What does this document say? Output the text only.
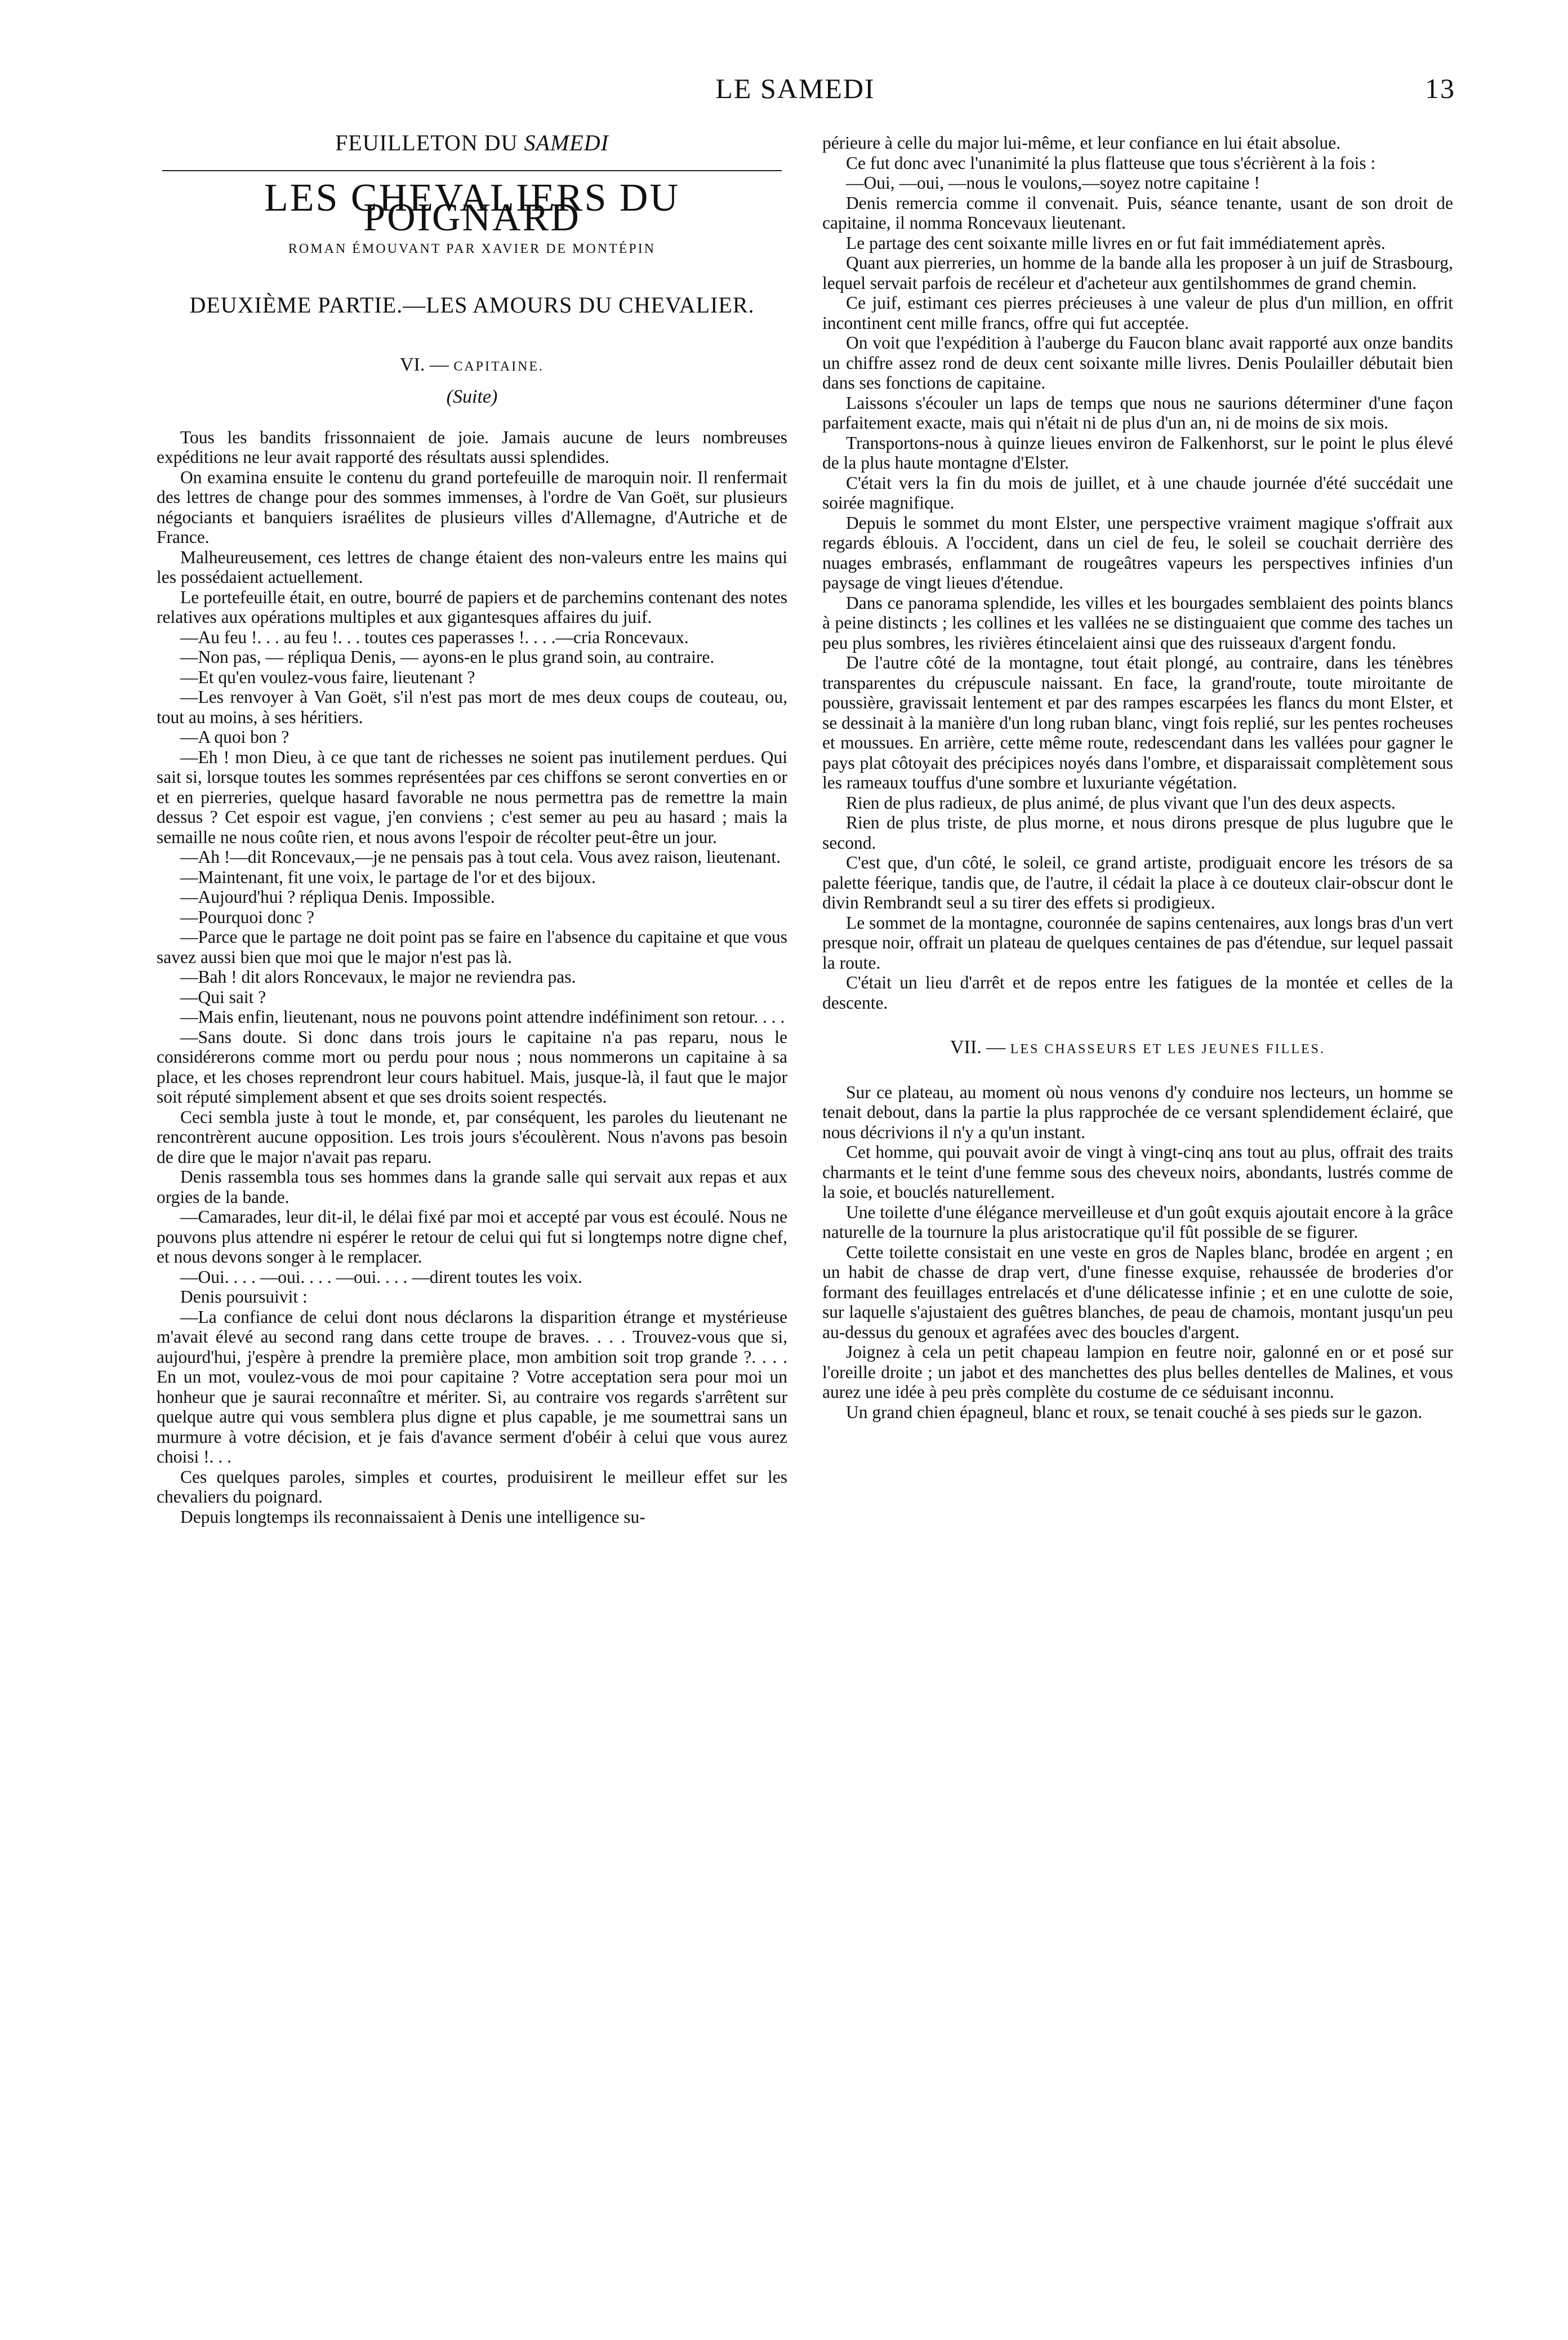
LE SAMEDI	13
FEUILLETON DU SAMEDI
LES CHEVALIERS DU POIGNARD
ROMAN ÉMOUVANT PAR XAVIER DE MONTÉPIN
DEUXIÈME PARTIE.—LES AMOURS DU CHEVALIER.
VI. — CAPITAINE.
(Suite)

Tous les bandits frissonnaient de joie. Jamais aucune de leurs nombreuses expéditions ne leur avait rapporté des résultats aussi splendides.

On examina ensuite le contenu du grand portefeuille de maroquin noir. Il renfermait des lettres de change pour des sommes immenses, à l'ordre de Van Goët, sur plusieurs négociants et banquiers israélites de plusieurs villes d'Allemagne, d'Autriche et de France.

Malheureusement, ces lettres de change étaient des non-valeurs entre les mains qui les possédaient actuellement.

Le portefeuille était, en outre, bourré de papiers et de parchemins contenant des notes relatives aux opérations multiples et aux gigantesques affaires du juif.

—Au feu !. . . au feu !. . . toutes ces paperasses !. . . .—cria Roncevaux.

—Non pas, — répliqua Denis, — ayons-en le plus grand soin, au contraire.

—Et qu'en voulez-vous faire, lieutenant ?

—Les renvoyer à Van Goët, s'il n'est pas mort de mes deux coups de couteau, ou, tout au moins, à ses héritiers.

—A quoi bon ?

—Eh ! mon Dieu, à ce que tant de richesses ne soient pas inutilement perdues. Qui sait si, lorsque toutes les sommes représentées par ces chiffons se seront converties en or et en pierreries, quelque hasard favorable ne nous permettra pas de remettre la main dessus ? Cet espoir est vague, j'en conviens ; c'est semer au peu au hasard ; mais la semaille ne nous coûte rien, et nous avons l'espoir de récolter peut-être un jour.

—Ah !—dit Roncevaux,—je ne pensais pas à tout cela. Vous avez raison, lieutenant.

—Maintenant, fit une voix, le partage de l'or et des bijoux.

—Aujourd'hui ? répliqua Denis. Impossible.

—Pourquoi donc ?

—Parce que le partage ne doit point pas se faire en l'absence du capitaine et que vous savez aussi bien que moi que le major n'est pas là.

—Bah ! dit alors Roncevaux, le major ne reviendra pas.

—Qui sait ?

—Mais enfin, lieutenant, nous ne pouvons point attendre indéfiniment son retour. . . .

—Sans doute. Si donc dans trois jours le capitaine n'a pas reparu, nous le considérerons comme mort ou perdu pour nous ; nous nommerons un capitaine à sa place, et les choses reprendront leur cours habituel. Mais, jusque-là, il faut que le major soit réputé simplement absent et que ses droits soient respectés.

Ceci sembla juste à tout le monde, et, par conséquent, les paroles du lieutenant ne rencontrèrent aucune opposition. Les trois jours s'écoulèrent. Nous n'avons pas besoin de dire que le major n'avait pas reparu.

Denis rassembla tous ses hommes dans la grande salle qui servait aux repas et aux orgies de la bande.

—Camarades, leur dit-il, le délai fixé par moi et accepté par vous est écoulé. Nous ne pouvons plus attendre ni espérer le retour de celui qui fut si longtemps notre digne chef, et nous devons songer à le remplacer.

—Oui. . . . —oui. . . . —oui. . . . —dirent toutes les voix.

Denis poursuivit :

—La confiance de celui dont nous déclarons la disparition étrange et mystérieuse m'avait élevé au second rang dans cette troupe de braves. . . . Trouvez-vous que si, aujourd'hui, j'espère à prendre la première place, mon ambition soit trop grande ?. . . . En un mot, voulez-vous de moi pour capitaine ? Votre acceptation sera pour moi un honheur que je saurai reconnaître et mériter. Si, au contraire vos regards s'arrêtent sur quelque autre qui vous semblera plus digne et plus capable, je me soumettrai sans un murmure à votre décision, et je fais d'avance serment d'obéir à celui que vous aurez choisi !. . .

Ces quelques paroles, simples et courtes, produisirent le meilleur effet sur les chevaliers du poignard.

Depuis longtemps ils reconnaissaient à Denis une intelligence su-

périeure à celle du major lui-même, et leur confiance en lui était absolue.

Ce fut donc avec l'unanimité la plus flatteuse que tous s'écrièrent à la fois :

—Oui, —oui, —nous le voulons,—soyez notre capitaine !

Denis remercia comme il convenait. Puis, séance tenante, usant de son droit de capitaine, il nomma Roncevaux lieutenant.

Le partage des cent soixante mille livres en or fut fait immédiatement après.

Quant aux pierreries, un homme de la bande alla les proposer à un juif de Strasbourg, lequel servait parfois de recéleur et d'acheteur aux gentilshommes de grand chemin.

Ce juif, estimant ces pierres précieuses à une valeur de plus d'un million, en offrit incontinent cent mille francs, offre qui fut acceptée.

On voit que l'expédition à l'auberge du Faucon blanc avait rapporté aux onze bandits un chiffre assez rond de deux cent soixante mille livres. Denis Poulailler débutait bien dans ses fonctions de capitaine.

Laissons s'écouler un laps de temps que nous ne saurions déterminer d'une façon parfaitement exacte, mais qui n'était ni de plus d'un an, ni de moins de six mois.

Transportons-nous à quinze lieues environ de Falkenhorst, sur le point le plus élevé de la plus haute montagne d'Elster.

C'était vers la fin du mois de juillet, et à une chaude journée d'été succédait une soirée magnifique.

Depuis le sommet du mont Elster, une perspective vraiment magique s'offrait aux regards éblouis. A l'occident, dans un ciel de feu, le soleil se couchait derrière des nuages embrasés, enflammant de rougeâtres vapeurs les perspectives infinies d'un paysage de vingt lieues d'étendue.

Dans ce panorama splendide, les villes et les bourgades semblaient des points blancs à peine distincts ; les collines et les vallées ne se distinguaient que comme des taches un peu plus sombres, les rivières étincelaient ainsi que des ruisseaux d'argent fondu.

De l'autre côté de la montagne, tout était plongé, au contraire, dans les ténèbres transparentes du crépuscule naissant. En face, la grand'route, toute miroitante de poussière, gravissait lentement et par des rampes escarpées les flancs du mont Elster, et se dessinait à la manière d'un long ruban blanc, vingt fois replié, sur les pentes rocheuses et moussues. En arrière, cette même route, redescendant dans les vallées pour gagner le pays plat côtoyait des précipices noyés dans l'ombre, et disparaissait complètement sous les rameaux touffus d'une sombre et luxuriante végétation.

Rien de plus radieux, de plus animé, de plus vivant que l'un des deux aspects.

Rien de plus triste, de plus morne, et nous dirons presque de plus lugubre que le second.

C'est que, d'un côté, le soleil, ce grand artiste, prodiguait encore les trésors de sa palette féerique, tandis que, de l'autre, il cédait la place à ce douteux clair-obscur dont le divin Rembrandt seul a su tirer des effets si prodigieux.

Le sommet de la montagne, couronnée de sapins centenaires, aux longs bras d'un vert presque noir, offrait un plateau de quelques centaines de pas d'étendue, sur lequel passait la route.

C'était un lieu d'arrêt et de repos entre les fatigues de la montée et celles de la descente.

VII. — LES CHASSEURS ET LES JEUNES FILLES.

Sur ce plateau, au moment où nous venons d'y conduire nos lecteurs, un homme se tenait debout, dans la partie la plus rapprochée de ce versant splendidement éclairé, que nous décrivions il n'y a qu'un instant.

Cet homme, qui pouvait avoir de vingt à vingt-cinq ans tout au plus, offrait des traits charmants et le teint d'une femme sous des cheveux noirs, abondants, lustrés comme de la soie, et bouclés naturellement.

Une toilette d'une élégance merveilleuse et d'un goût exquis ajoutait encore à la grâce naturelle de la tournure la plus aristocratique qu'il fût possible de se figurer.

Cette toilette consistait en une veste en gros de Naples blanc, brodée en argent ; en un habit de chasse de drap vert, d'une finesse exquise, rehaussée de broderies d'or formant des feuillages entrelacés et d'une délicatesse infinie ; et en une culotte de soie, sur laquelle s'ajustaient des guêtres blanches, de peau de chamois, montant jusqu'un peu au-dessus du genoux et agrafées avec des boucles d'argent.

Joignez à cela un petit chapeau lampion en feutre noir, galonné en or et posé sur l'oreille droite ; un jabot et des manchettes des plus belles dentelles de Malines, et vous aurez une idée à peu près complète du costume de ce séduisant inconnu.

Un grand chien épagneul, blanc et roux, se tenait couché à ses pieds sur le gazon.
